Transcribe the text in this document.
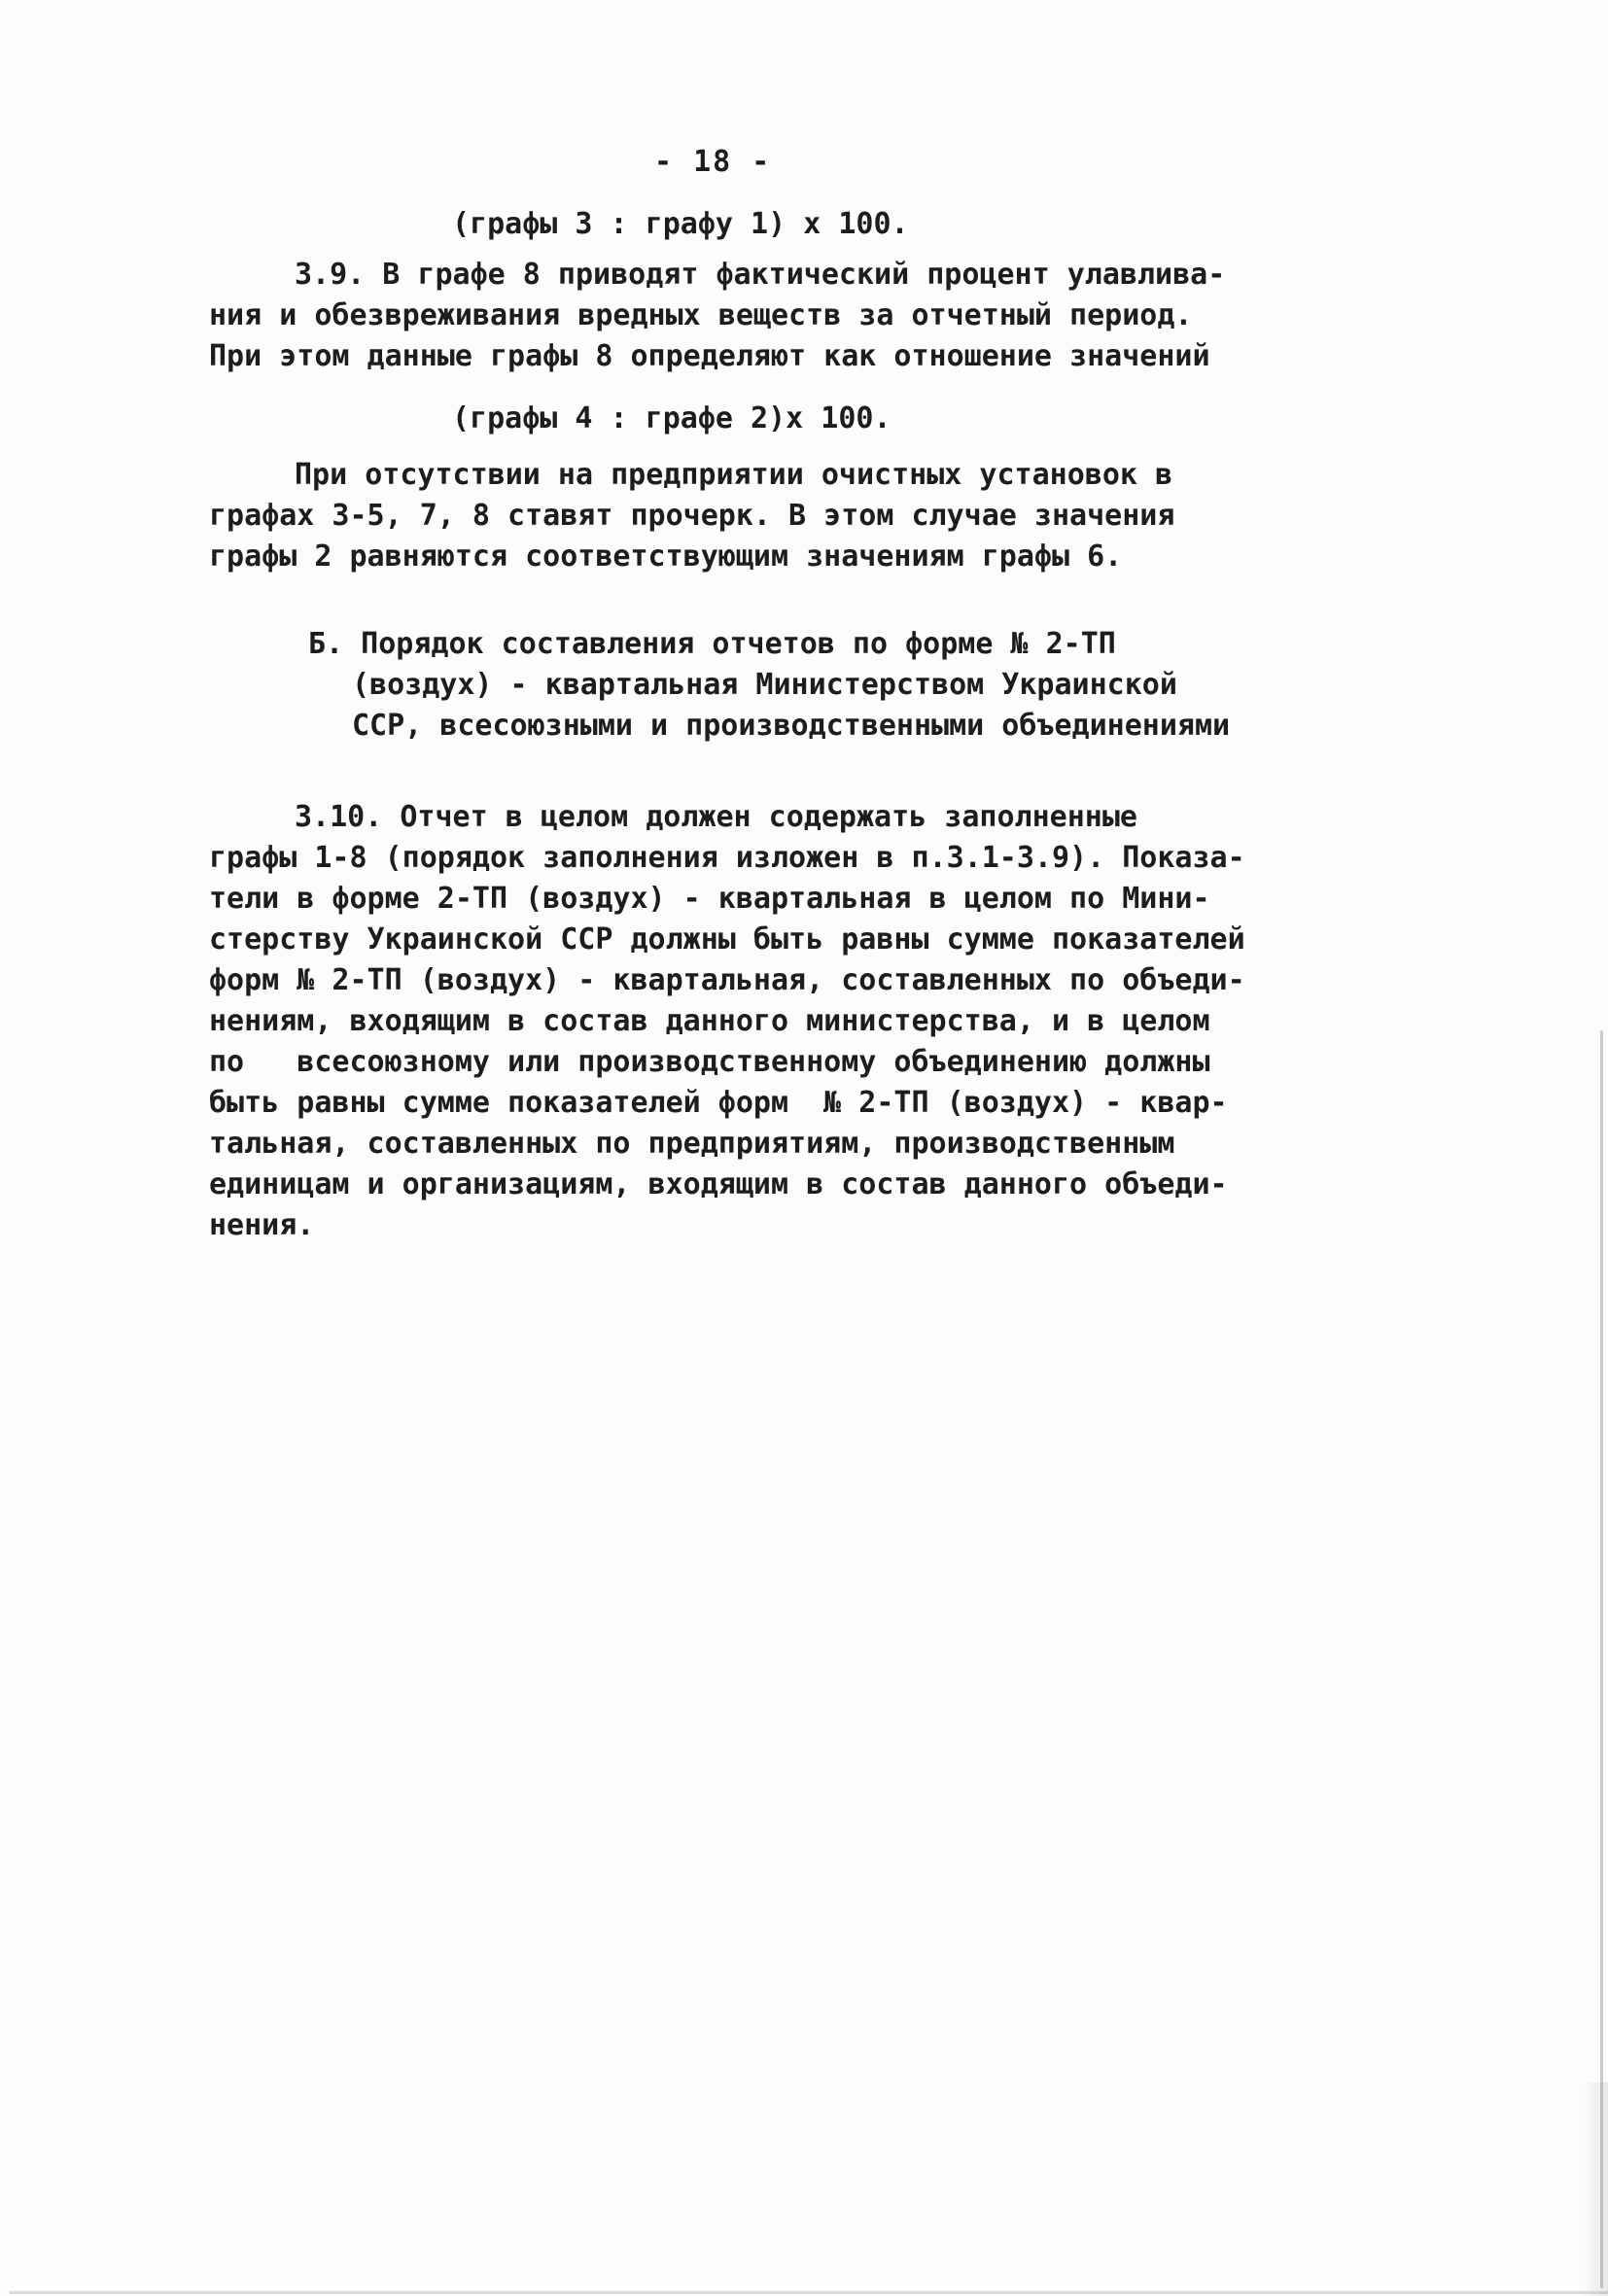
- 18 -
(графы 3 : графу 1) х 100.
3.9. В графе 8 приводят фактический процент улавлива-
ния и обезвреживания вредных веществ за отчетный период.
При этом данные графы 8 определяют как отношение значений
(графы 4 : графе 2)х 100.
При отсутствии на предприятии очистных установок в
графах 3-5, 7, 8 ставят прочерк. В этом случае значения
графы 2 равняются соответствующим значениям графы 6.
Б. Порядок составления отчетов по форме № 2-ТП
(воздух) - квартальная Министерством Украинской
ССР, всесоюзными и производственными объединениями
3.10. Отчет в целом должен содержать заполненные
графы 1-8 (порядок заполнения изложен в п.3.1-3.9). Показа-
тели в форме 2-ТП (воздух) - квартальная в целом по Мини-
стерству Украинской ССР должны быть равны сумме показателей
форм № 2-ТП (воздух) - квартальная, составленных по объеди-
нениям, входящим в состав данного министерства, и в целом
по   всесоюзному или производственному объединению должны
быть равны сумме показателей форм  № 2-ТП (воздух) - квар-
тальная, составленных по предприятиям, производственным
единицам и организациям, входящим в состав данного объеди-
нения.
